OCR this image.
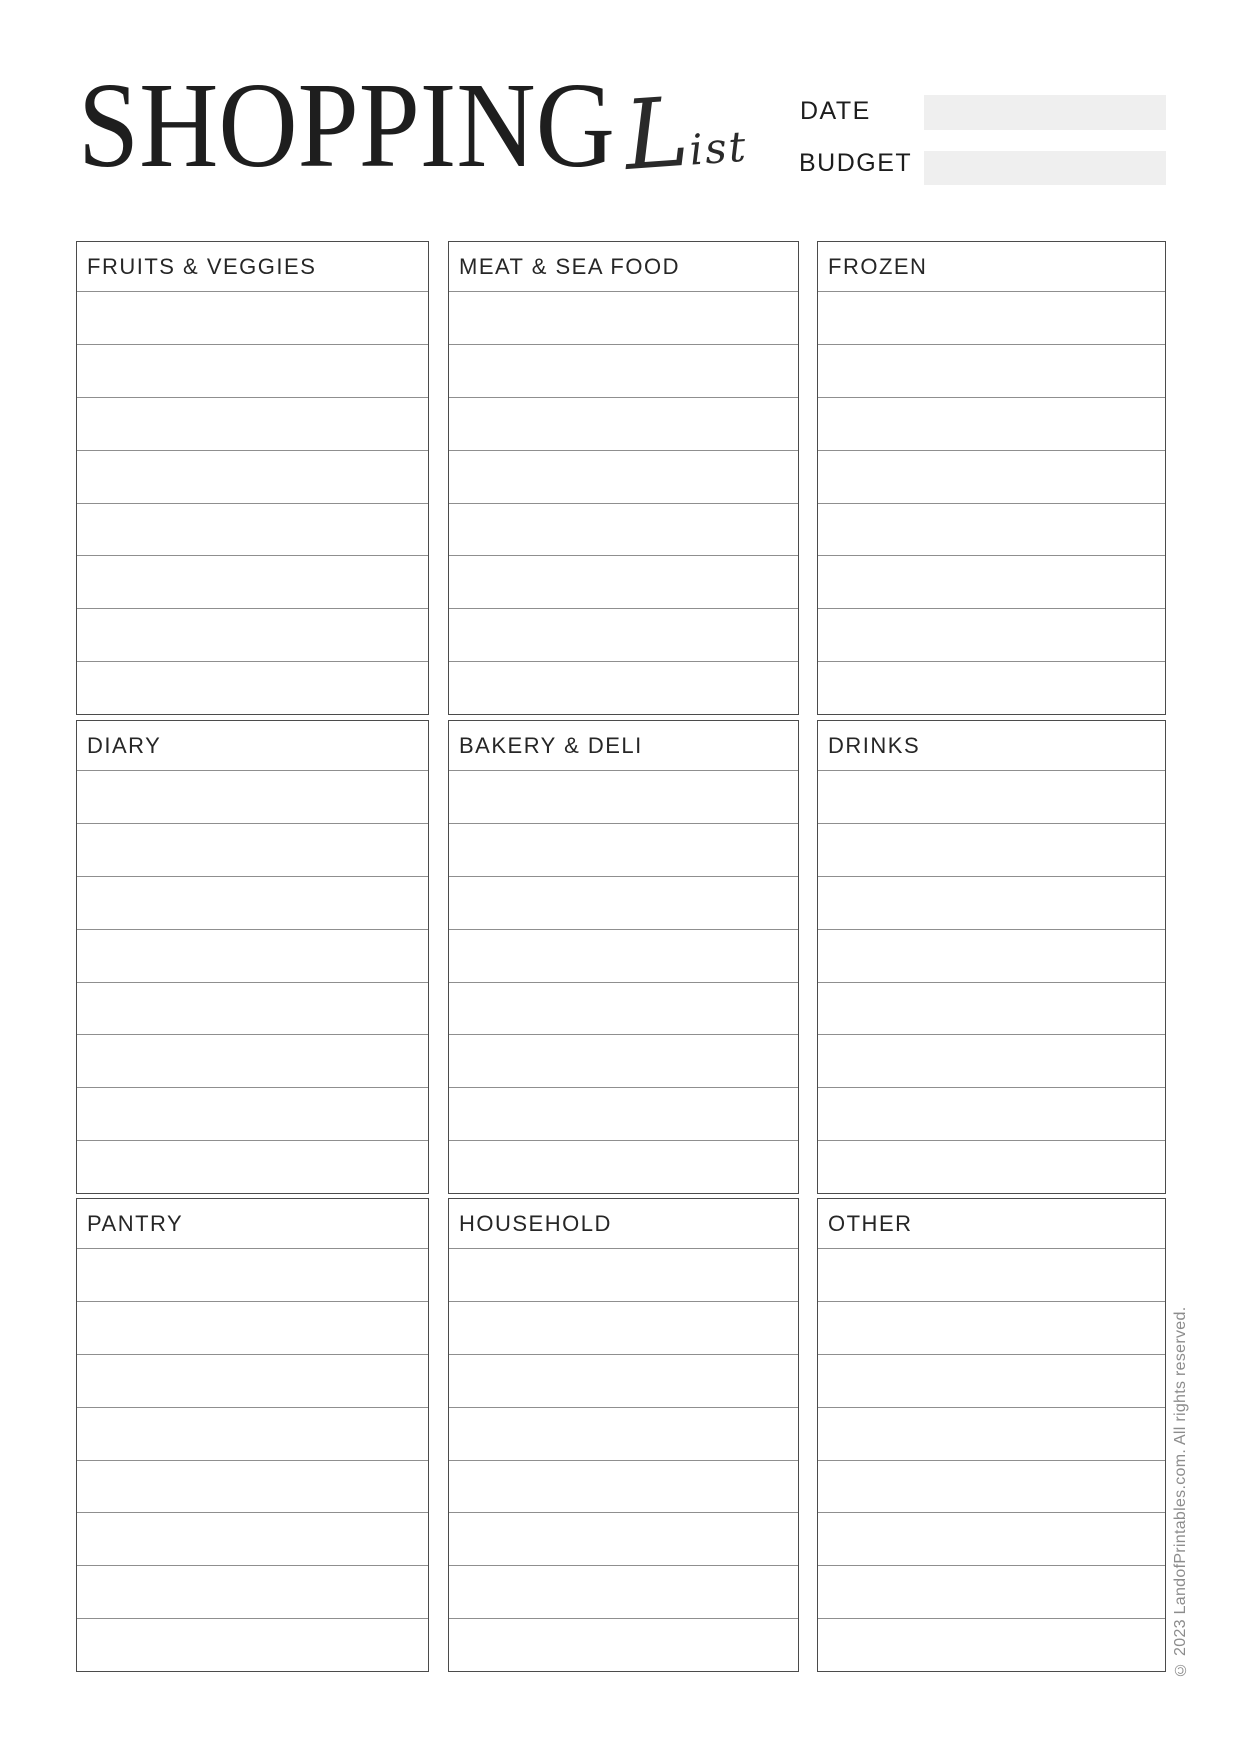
SHOPPING L
ist
DATE
BUDGET
FRUITS & VEGGIES	MEAT & SEA FOOD	FROZEN
DIARY	BAKERY & DELI	DRINKS
PANTRY	HOUSEHOLD	OTHER
© 2023 LandofPrintables.com. All rights reserved.
